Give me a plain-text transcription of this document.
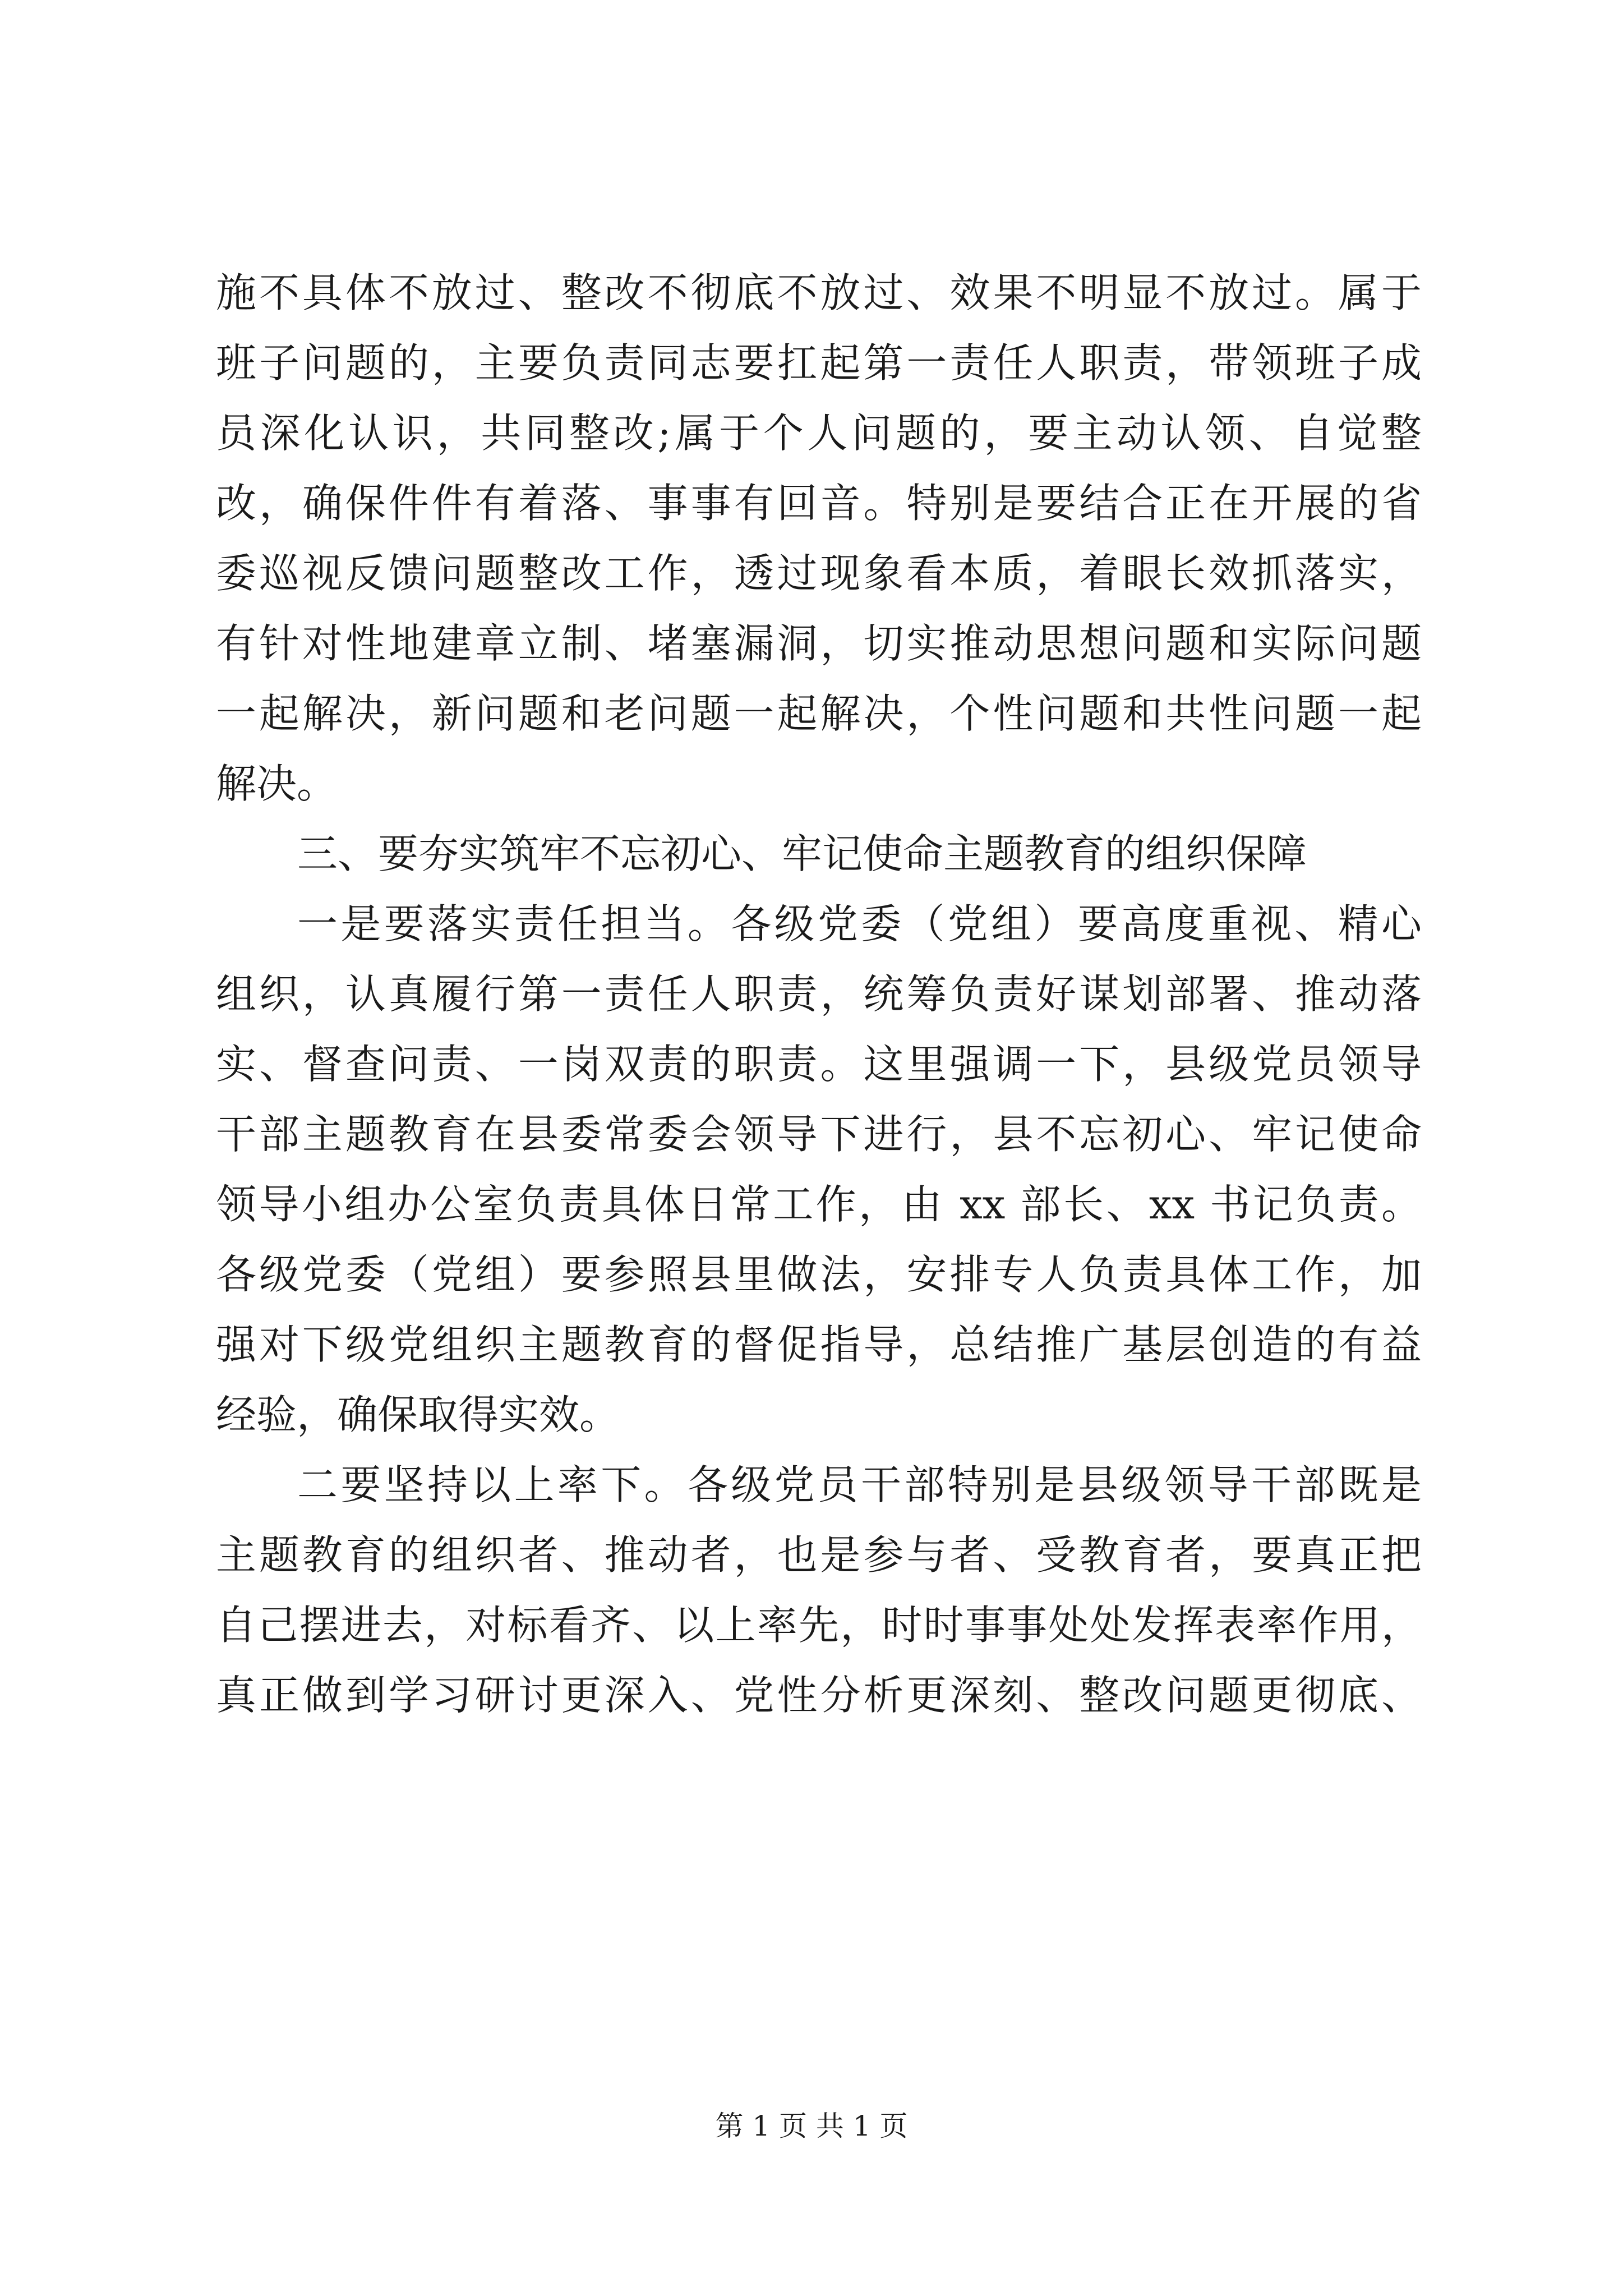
施不具体不放过、整改不彻底不放过、效果不明显不放过。属于
班子问题的，主要负责同志要扛起第一责任人职责，带领班子成
员深化认识，共同整改;属于个人问题的，要主动认领、自觉整
改，确保件件有着落、事事有回音。特别是要结合正在开展的省
委巡视反馈问题整改工作，透过现象看本质，着眼长效抓落实，
有针对性地建章立制、堵塞漏洞，切实推动思想问题和实际问题
一起解决，新问题和老问题一起解决，个性问题和共性问题一起
解决。
三、要夯实筑牢不忘初心、牢记使命主题教育的组织保障
一是要落实责任担当。各级党委（党组）要高度重视、精心
组织，认真履行第一责任人职责，统筹负责好谋划部署、推动落
实、督查问责、一岗双责的职责。这里强调一下，县级党员领导
干部主题教育在县委常委会领导下进行，县不忘初心、牢记使命
领导小组办公室负责具体日常工作，由 xx 部长、xx 书记负责。
各级党委（党组）要参照县里做法，安排专人负责具体工作，加
强对下级党组织主题教育的督促指导，总结推广基层创造的有益
经验，确保取得实效。
二要坚持以上率下。各级党员干部特别是县级领导干部既是
主题教育的组织者、推动者，也是参与者、受教育者，要真正把
自己摆进去，对标看齐、以上率先，时时事事处处发挥表率作用，
真正做到学习研讨更深入、党性分析更深刻、整改问题更彻底、
第 1 页 共 1 页
